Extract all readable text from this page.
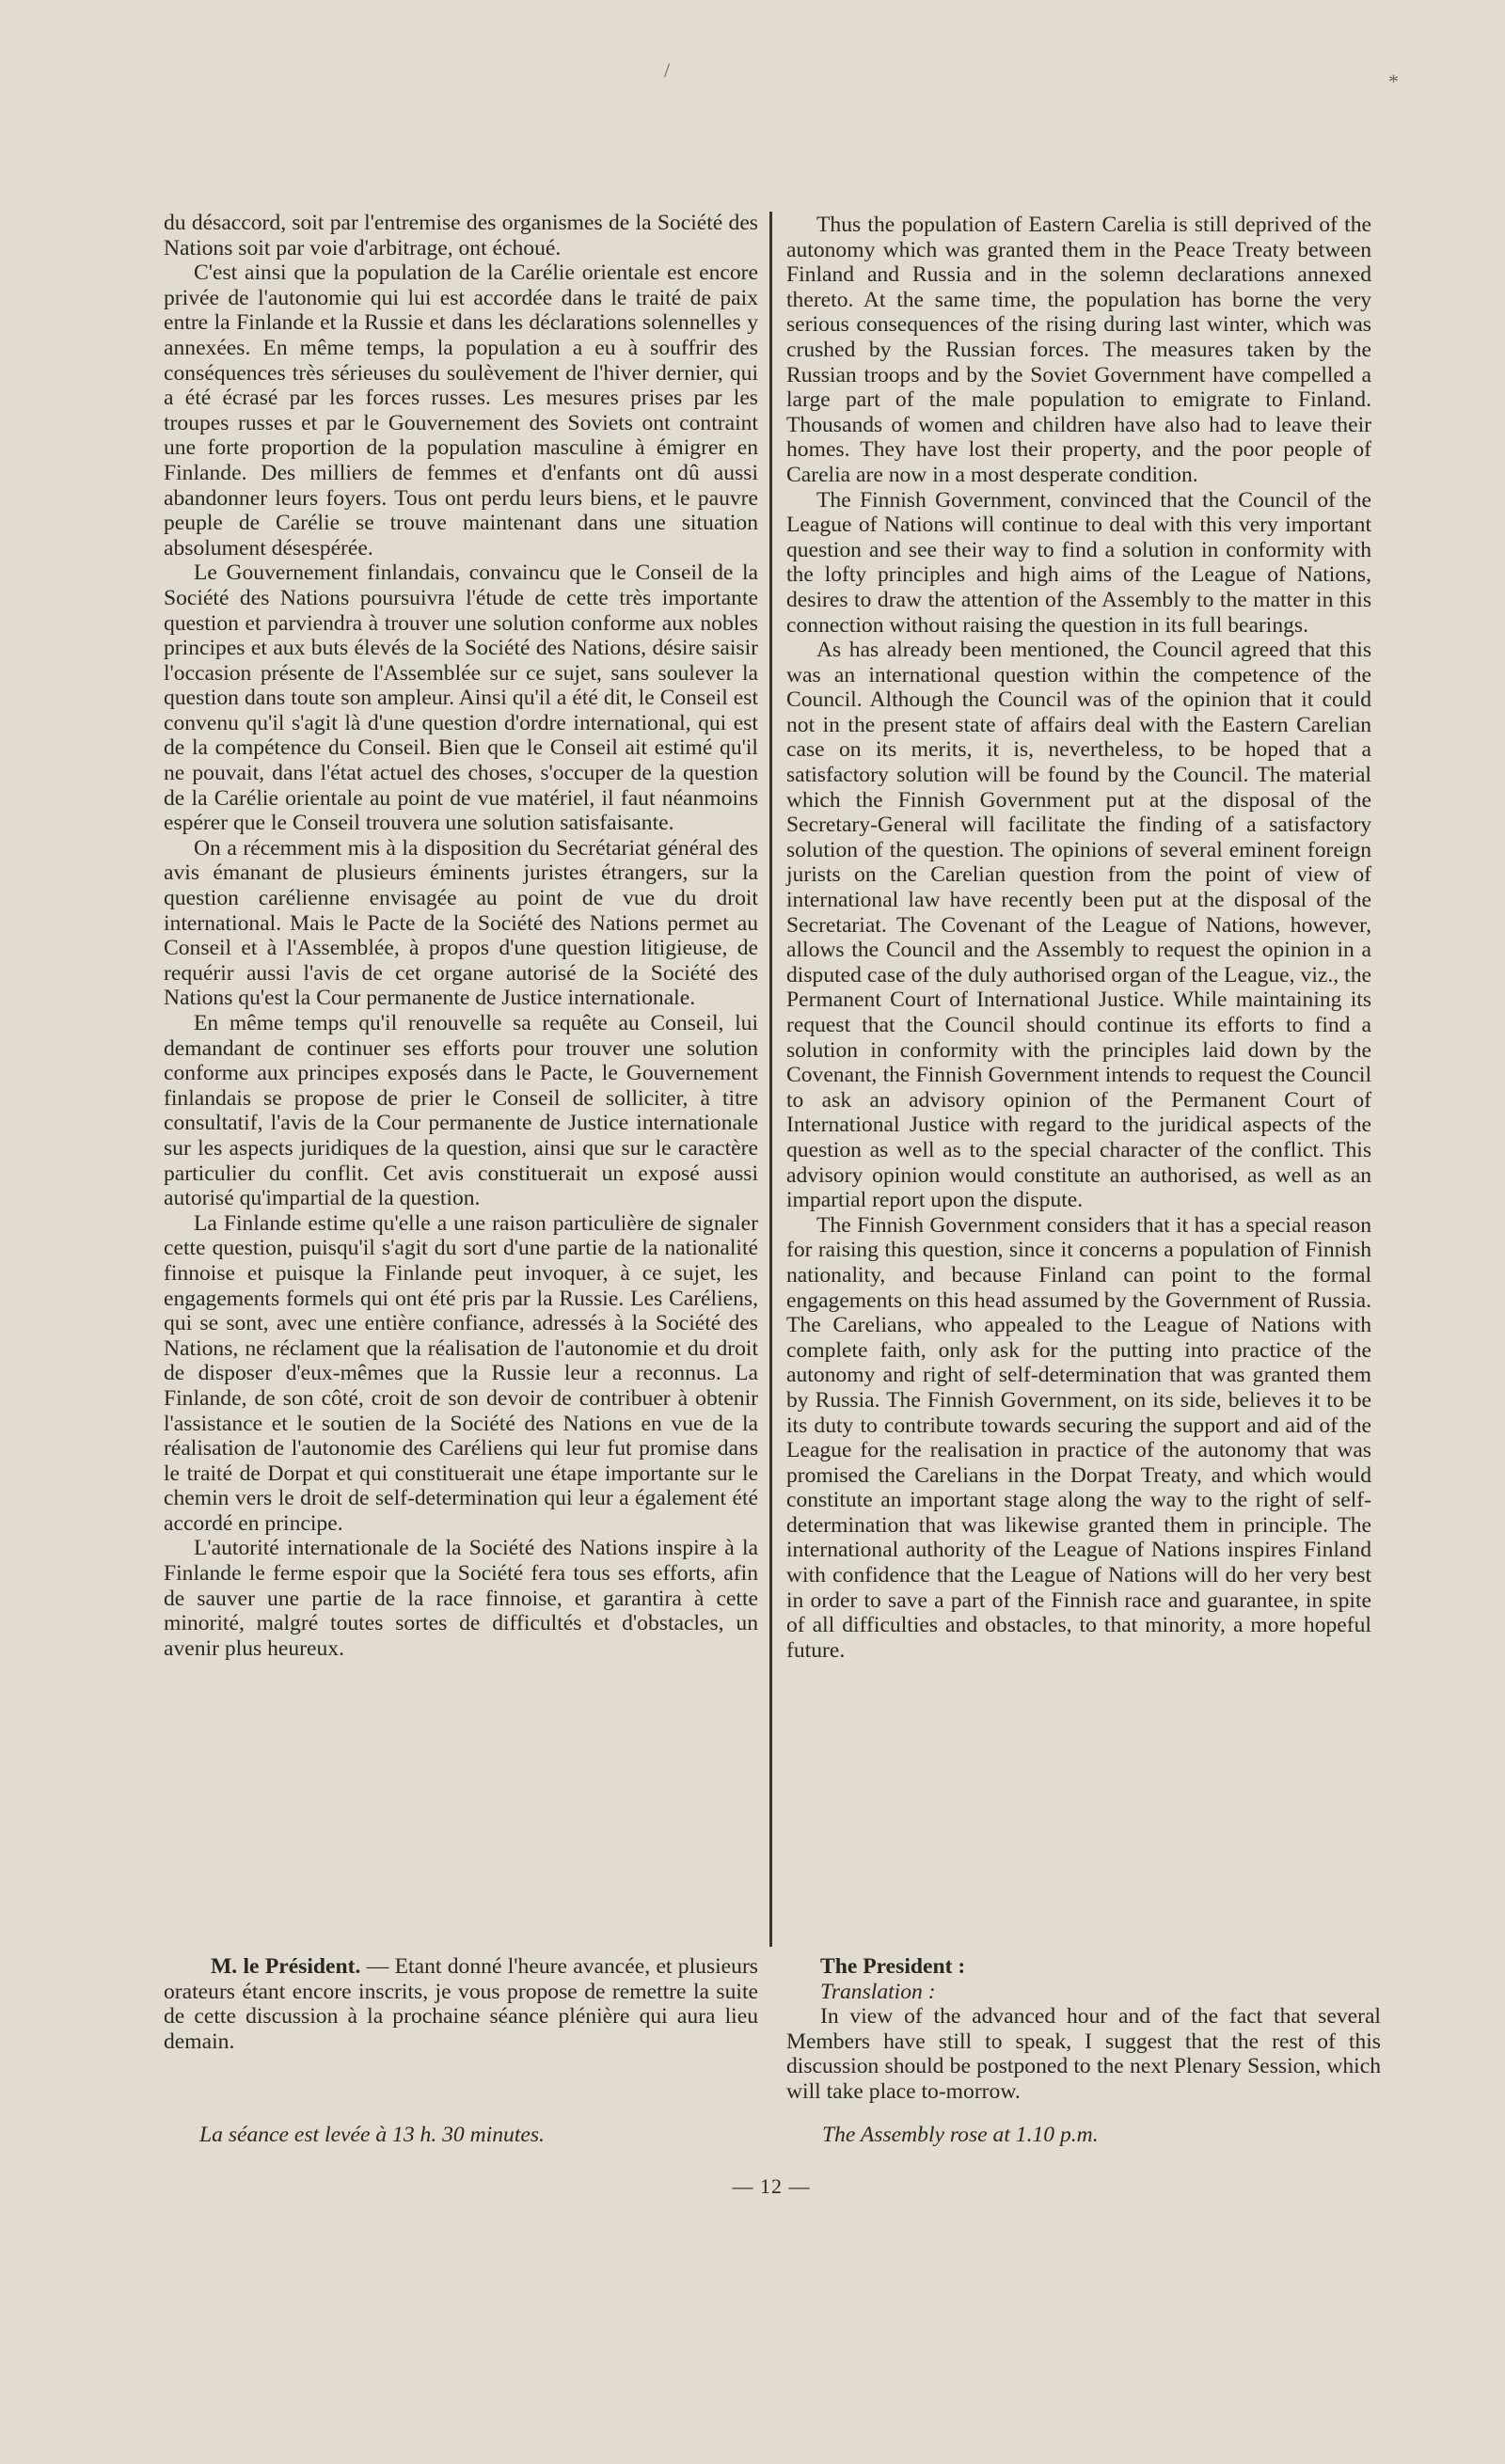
/	*

du désaccord, soit par l'entremise des organismes de la Société des Nations soit par voie d'arbitrage, ont échoué.

C'est ainsi que la population de la Carélie orientale est encore privée de l'autonomie qui lui est accordée dans le traité de paix entre la Finlande et la Russie et dans les déclarations solennelles y annexées. En même temps, la population a eu à souffrir des conséquences très sérieuses du soulèvement de l'hiver dernier, qui a été écrasé par les forces russes. Les mesures prises par les troupes russes et par le Gouvernement des Soviets ont contraint une forte proportion de la population masculine à émigrer en Finlande. Des milliers de femmes et d'enfants ont dû aussi abandonner leurs foyers. Tous ont perdu leurs biens, et le pauvre peuple de Carélie se trouve maintenant dans une situation absolument désespérée.

Le Gouvernement finlandais, convaincu que le Conseil de la Société des Nations poursuivra l'étude de cette très importante question et parviendra à trouver une solution conforme aux nobles principes et aux buts élevés de la Société des Nations, désire saisir l'occasion présente de l'Assemblée sur ce sujet, sans soulever la question dans toute son ampleur. Ainsi qu'il a été dit, le Conseil est convenu qu'il s'agit là d'une question d'ordre international, qui est de la compétence du Conseil. Bien que le Conseil ait estimé qu'il ne pouvait, dans l'état actuel des choses, s'occuper de la question de la Carélie orientale au point de vue matériel, il faut néanmoins espérer que le Conseil trouvera une solution satisfaisante.

On a récemment mis à la disposition du Secrétariat général des avis émanant de plusieurs éminents juristes étrangers, sur la question carélienne envisagée au point de vue du droit international. Mais le Pacte de la Société des Nations permet au Conseil et à l'Assemblée, à propos d'une question litigieuse, de requérir aussi l'avis de cet organe autorisé de la Société des Nations qu'est la Cour permanente de Justice internationale.

En même temps qu'il renouvelle sa requête au Conseil, lui demandant de continuer ses efforts pour trouver une solution conforme aux principes exposés dans le Pacte, le Gouvernement finlandais se propose de prier le Conseil de solliciter, à titre consultatif, l'avis de la Cour permanente de Justice internationale sur les aspects juridiques de la question, ainsi que sur le caractère particulier du conflit. Cet avis constituerait un exposé aussi autorisé qu'impartial de la question.

La Finlande estime qu'elle a une raison particulière de signaler cette question, puisqu'il s'agit du sort d'une partie de la nationalité finnoise et puisque la Finlande peut invoquer, à ce sujet, les engagements formels qui ont été pris par la Russie. Les Caréliens, qui se sont, avec une entière confiance, adressés à la Société des Nations, ne réclament que la réalisation de l'autonomie et du droit de disposer d'eux-mêmes que la Russie leur a reconnus. La Finlande, de son côté, croit de son devoir de contribuer à obtenir l'assistance et le soutien de la Société des Nations en vue de la réalisation de l'autonomie des Caréliens qui leur fut promise dans le traité de Dorpat et qui constituerait une étape importante sur le chemin vers le droit de self-determination qui leur a également été accordé en principe.

L'autorité internationale de la Société des Nations inspire à la Finlande le ferme espoir que la Société fera tous ses efforts, afin de sauver une partie de la race finnoise, et garantira à cette minorité, malgré toutes sortes de difficultés et d'obstacles, un avenir plus heureux.

Thus the population of Eastern Carelia is still deprived of the autonomy which was granted them in the Peace Treaty between Finland and Russia and in the solemn declarations annexed thereto. At the same time, the population has borne the very serious consequences of the rising during last winter, which was crushed by the Russian forces. The measures taken by the Russian troops and by the Soviet Government have compelled a large part of the male population to emigrate to Finland. Thousands of women and children have also had to leave their homes. They have lost their property, and the poor people of Carelia are now in a most desperate condition.

The Finnish Government, convinced that the Council of the League of Nations will continue to deal with this very important question and see their way to find a solution in conformity with the lofty principles and high aims of the League of Nations, desires to draw the attention of the Assembly to the matter in this connection without raising the question in its full bearings.

As has already been mentioned, the Council agreed that this was an international question within the competence of the Council. Although the Council was of the opinion that it could not in the present state of affairs deal with the Eastern Carelian case on its merits, it is, nevertheless, to be hoped that a satisfactory solution will be found by the Council. The material which the Finnish Government put at the disposal of the Secretary-General will facilitate the finding of a satisfactory solution of the question. The opinions of several eminent foreign jurists on the Carelian question from the point of view of international law have recently been put at the disposal of the Secretariat. The Covenant of the League of Nations, however, allows the Council and the Assembly to request the opinion in a disputed case of the duly authorised organ of the League, viz., the Permanent Court of International Justice. While maintaining its request that the Council should continue its efforts to find a solution in conformity with the principles laid down by the Covenant, the Finnish Government intends to request the Council to ask an advisory opinion of the Permanent Court of International Justice with regard to the juridical aspects of the question as well as to the special character of the conflict. This advisory opinion would constitute an authorised, as well as an impartial report upon the dispute.

The Finnish Government considers that it has a special reason for raising this question, since it concerns a population of Finnish nationality, and because Finland can point to the formal engagements on this head assumed by the Government of Russia. The Carelians, who appealed to the League of Nations with complete faith, only ask for the putting into practice of the autonomy and right of self-determination that was granted them by Russia. The Finnish Government, on its side, believes it to be its duty to contribute towards securing the support and aid of the League for the realisation in practice of the autonomy that was promised the Carelians in the Dorpat Treaty, and which would constitute an important stage along the way to the right of self-determination that was likewise granted them in principle. The international authority of the League of Nations inspires Finland with confidence that the League of Nations will do her very best in order to save a part of the Finnish race and guarantee, in spite of all difficulties and obstacles, to that minority, a more hopeful future.

M. le Président. — Etant donné l'heure avancée, et plusieurs orateurs étant encore inscrits, je vous propose de remettre la suite de cette discussion à la prochaine séance plénière qui aura lieu demain.

La séance est levée à 13 h. 30 minutes.

The President :

Translation :

In view of the advanced hour and of the fact that several Members have still to speak, I suggest that the rest of this discussion should be postponed to the next Plenary Session, which will take place to-morrow.

The Assembly rose at 1.10 p.m.
— 12 —
